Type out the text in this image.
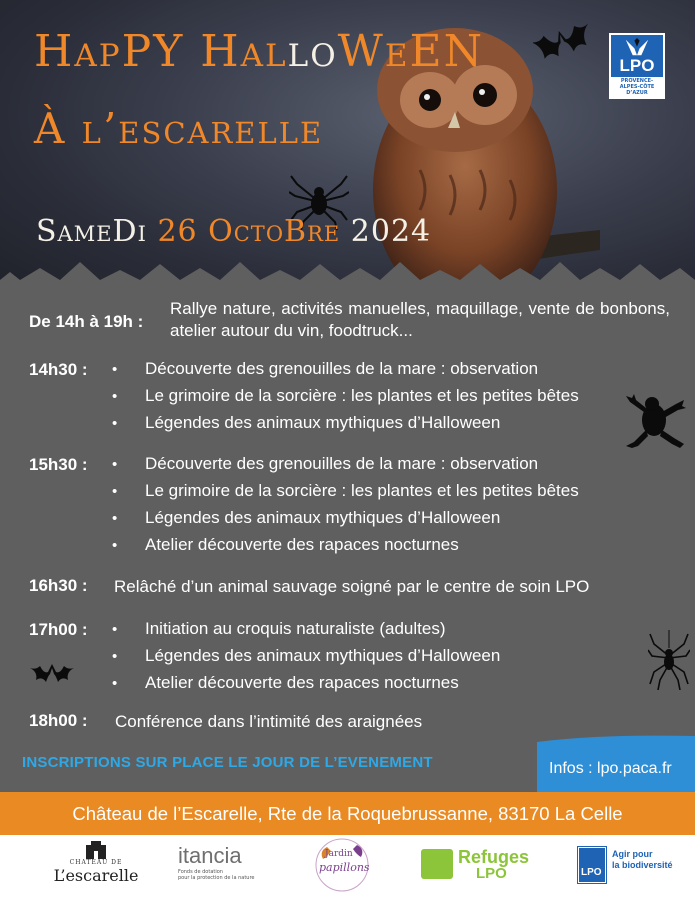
LPO
PROVENCE-ALPES-CÔTE D’AZUR
HapPY HalloWeEN
À l’escarelle
SameDi 26 OctoBre 2024
De 14h à 19h :
Rallye nature, activités manuelles, maquillage, vente de bonbons, atelier autour du vin, foodtruck...
14h30 : • Découverte des grenouilles de la mare : observation
• Le grimoire de la sorcière : les plantes et les petites bêtes
• Légendes des animaux mythiques d’Halloween
15h30 : • Découverte des grenouilles de la mare : observation
• Le grimoire de la sorcière : les plantes et les petites bêtes
• Légendes des animaux mythiques d’Halloween
• Atelier découverte des rapaces nocturnes
16h30 : Relâché d’un animal sauvage soigné par le centre de soin LPO
17h00 : • Initiation au croquis naturaliste (adultes)
• Légendes des animaux mythiques d’Halloween
• Atelier découverte des rapaces nocturnes
18h00 : Conférence dans l’intimité des araignées
INSCRIPTIONS SUR PLACE LE JOUR DE L’EVENEMENT	Infos : lpo.paca.fr
Château de l’Escarelle, Rte de la Roquebrussanne, 83170 La Celle
CHATEAU DE
L’escarelle
itancia
Fonds de dotation
pour la protection de la nature
Jardin
papillons
Refuges
LPO	LPO
Agir pour
la biodiversité
